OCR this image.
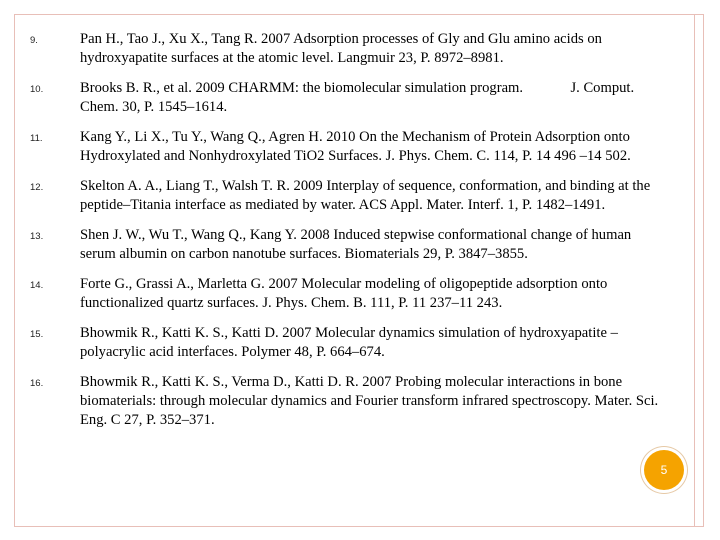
9.	Pan H., Tao J., Xu X., Tang R. 2007 Adsorption processes of Gly and Glu amino acids on hydroxyapatite surfaces at the atomic level. Langmuir 23, P. 8972–8981.
10.	Brooks B. R., et al. 2009 CHARMM: the biomolecular simulation program.             J. Comput. Chem. 30, P. 1545–1614.
11.	Kang Y., Li X., Tu Y., Wang Q., Agren H. 2010 On the Mechanism of Protein Adsorption onto Hydroxylated and Nonhydroxylated TiO2 Surfaces. J. Phys. Chem. C. 114, P. 14 496 –14 502.
12.	Skelton A. A., Liang T., Walsh T. R. 2009 Interplay of sequence, conformation, and binding at the peptide–Titania interface as mediated by water. ACS Appl. Mater. Interf. 1, P. 1482–1491.
13.	Shen J. W., Wu T., Wang Q., Kang Y. 2008 Induced stepwise conformational change of human serum albumin on carbon nanotube surfaces. Biomaterials 29, P. 3847–3855.
14.	Forte G., Grassi A., Marletta G. 2007 Molecular modeling of oligopeptide adsorption onto functionalized quartz surfaces. J. Phys. Chem. B. 111, P. 11 237–11 243.
15.	Bhowmik R., Katti K. S., Katti D. 2007 Molecular dynamics simulation of hydroxyapatite –polyacrylic acid interfaces. Polymer 48, P. 664–674.
16.	Bhowmik R., Katti K. S., Verma D., Katti D. R. 2007 Probing molecular interactions in bone biomaterials: through molecular dynamics and Fourier transform infrared spectroscopy. Mater. Sci. Eng. C 27, P. 352–371.
5
